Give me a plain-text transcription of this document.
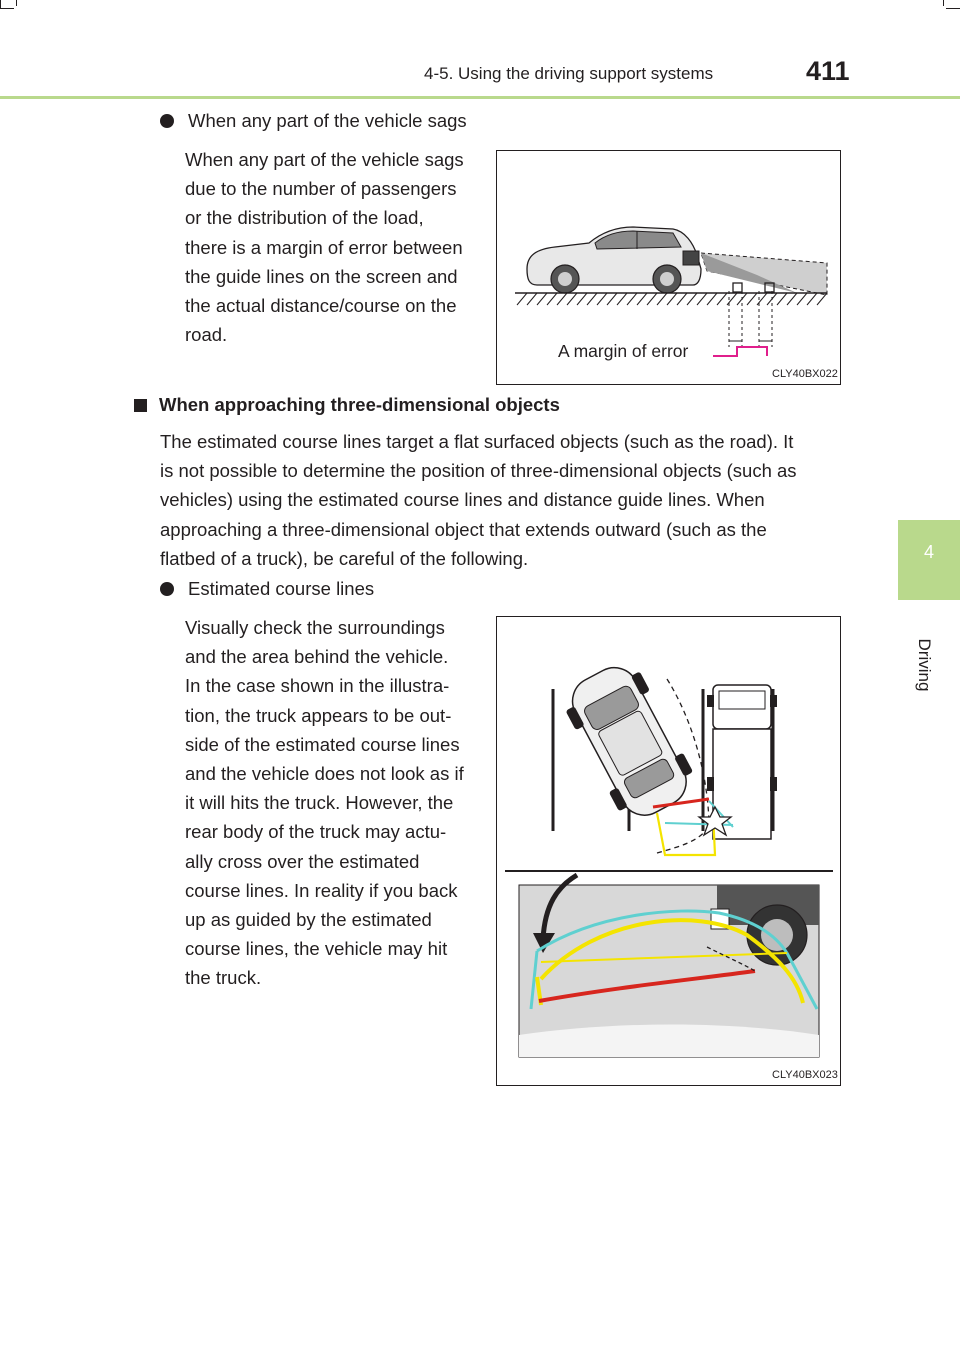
4-5. Using the driving support systems	411
4
Driving
When any part of the vehicle sags
When any part of the vehicle sags
due to the number of passengers
or the distribution of the load,
there is a margin of error between
the guide lines on the screen and
the actual distance/course on the
road.
A margin of error
CLY40BX022
When approaching three-dimensional objects
The estimated course lines target a flat surfaced objects (such as the road). It
is not possible to determine the position of three-dimensional objects (such as
vehicles) using the estimated course lines and distance guide lines. When
approaching a three-dimensional object that extends outward (such as the
flatbed of a truck), be careful of the following.
Estimated course lines
Visually check the surroundings
and the area behind the vehicle.
In the case shown in the illustra-
tion, the truck appears to be out-
side of the estimated course lines
and the vehicle does not look as if
it will hits the truck. However, the
rear body of the truck may actu-
ally cross over the estimated
course lines. In reality if you back
up as guided by the estimated
course lines, the vehicle may hit
the truck.
CLY40BX023
